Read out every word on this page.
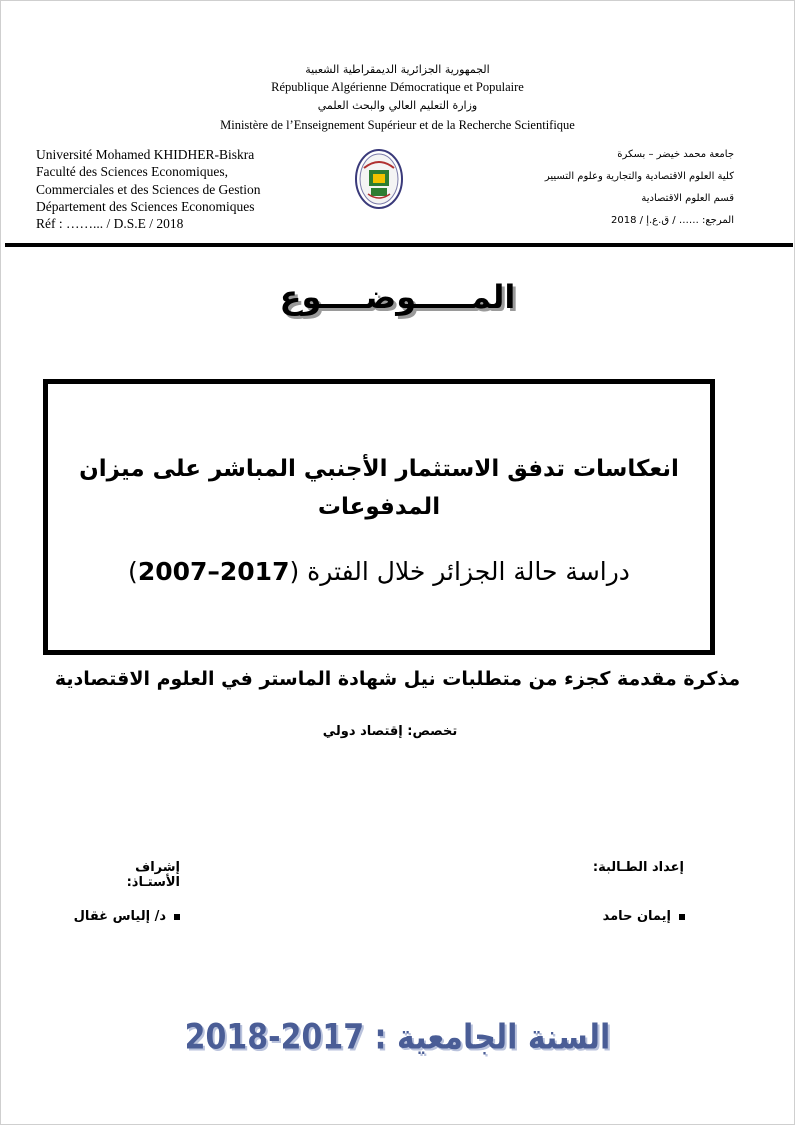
الجمهورية الجزائرية الديمقراطية الشعبية
République Algérienne Démocratique et Populaire
وزارة التعليم العالي والبحث العلمي
Ministère de l’Enseignement Supérieur et de la Recherche Scientifique
Université Mohamed KHIDHER-Biskra
Faculté des Sciences Economiques,
Commerciales et des Sciences de Gestion
Département des Sciences Economiques
Réf : ……... / D.S.E / 2018
جامعة محمد خيضر – بسكرة
كلية العلوم الاقتصادية والتجارية وعلوم التسيير
قسم العلوم الاقتصادية
المرجع: …… / ق.ع.إ / 2018
المـــــوضــــوع
انعكاسات تدفق الاستثمار الأجنبي المباشر على ميزان المدفوعات
دراسة حالة الجزائر خلال الفترة (2007–2017)
مذكرة مقدمة كجزء من متطلبات نيل شهادة الماستر في العلوم الاقتصادية
تخصص: إقتصاد دولي
إعداد الطـالبة:
إشراف الأستـاذ:
إيمان حامد
د/ إلياس غقال
السنة الجامعية : 2017-2018
